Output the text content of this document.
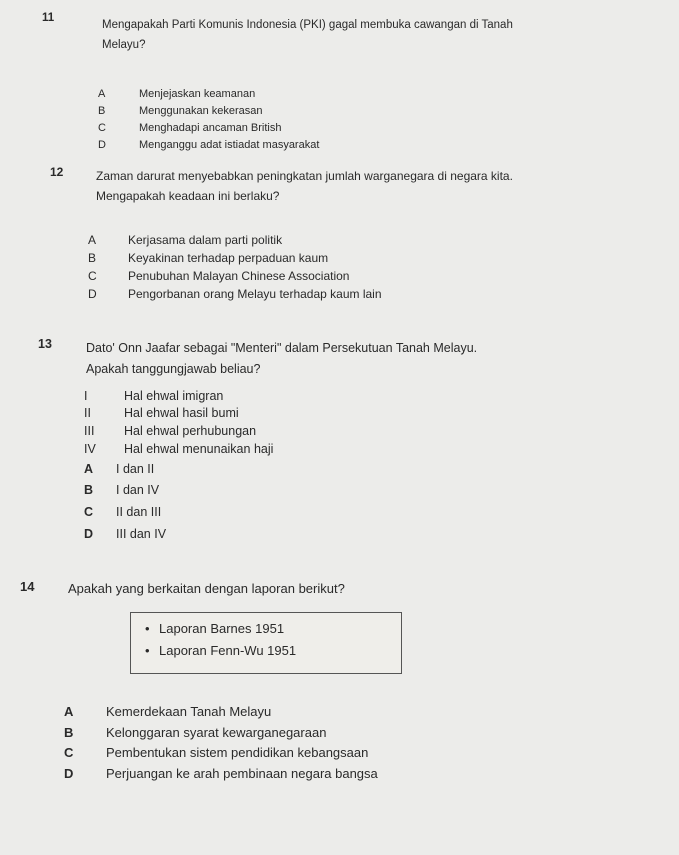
11
Mengapakah Parti Komunis Indonesia (PKI) gagal membuka cawangan di Tanah
Melayu?
A	Menjejaskan keamanan
B	Menggunakan kekerasan
C	Menghadapi ancaman British
D	Menganggu adat istiadat masyarakat
12	Zaman darurat menyebabkan peningkatan jumlah warganegara di negara kita.
Mengapakah keadaan ini berlaku?
A	Kerjasama dalam parti politik
B	Keyakinan terhadap perpaduan kaum
C	Penubuhan Malayan Chinese Association
D	Pengorbanan orang Melayu terhadap kaum lain
13	Dato' Onn Jaafar sebagai "Menteri" dalam Persekutuan Tanah Melayu.
Apakah tanggungjawab beliau?
I	Hal ehwal imigran
II	Hal ehwal hasil bumi
III Hal ehwal perhubungan
IV Hal ehwal menunaikan haji
A I dan II
B I dan IV
C II dan III
D III dan IV
14	Apakah yang berkaitan dengan laporan berikut?
• Laporan Barnes 1951
• Laporan Fenn-Wu 1951
A	Kemerdekaan Tanah Melayu
B	Kelonggaran syarat kewarganegaraan
C	Pembentukan sistem pendidikan kebangsaan
D	Perjuangan ke arah pembinaan negara bangsa
